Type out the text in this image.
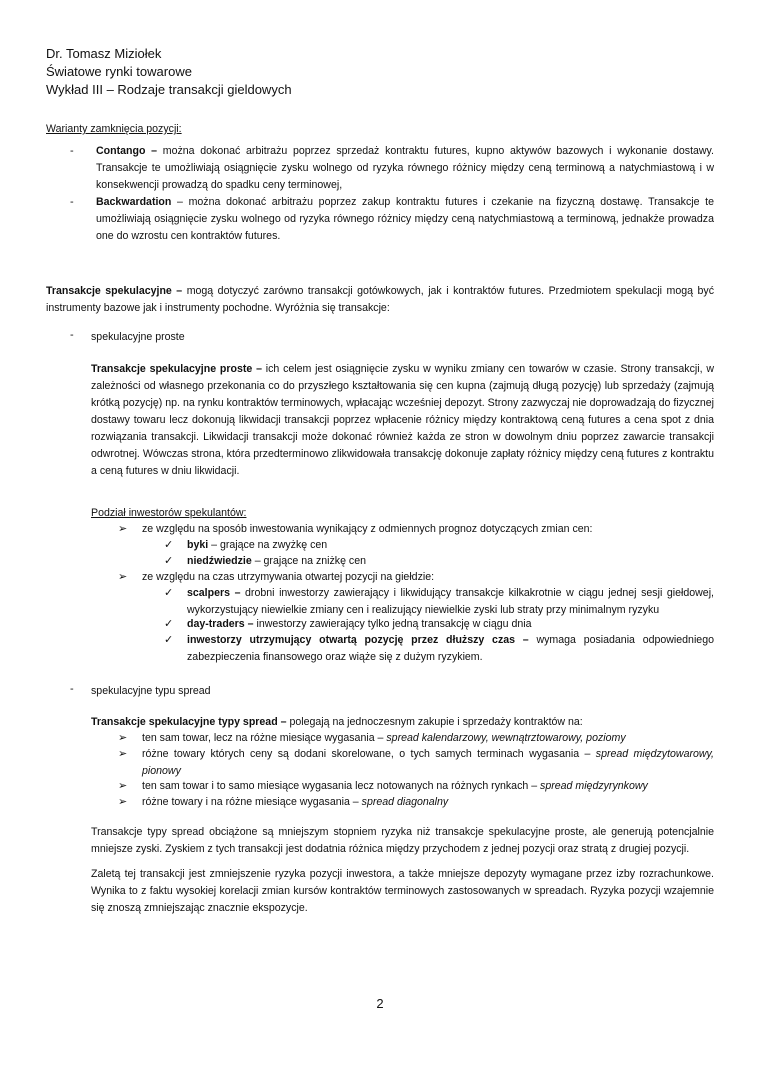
Dr. Tomasz Miziołek
Światowe rynki towarowe
Wykład III – Rodzaje transakcji gieldowych
Warianty zamknięcia pozycji:
- Contango – można dokonać arbitrażu poprzez sprzedaż kontraktu futures, kupno aktywów bazowych i wykonanie dostawy. Transakcje te umożliwiają osiągnięcie zysku wolnego od ryzyka równego różnicy między ceną terminową a natychmiastową i w konsekwencji prowadzą do spadku ceny terminowej,
- Backwardation – można dokonać arbitrażu poprzez zakup kontraktu futures i czekanie na fizyczną dostawę. Transakcje te umożliwiają osiągnięcie zysku wolnego od ryzyka równego różnicy między ceną natychmiastową a terminową, jednakże prowadza one do wzrostu cen kontraktów futures.
Transakcje spekulacyjne – mogą dotyczyć zarówno transakcji gotówkowych, jak i kontraktów futures. Przedmiotem spekulacji mogą być instrumenty bazowe jak i instrumenty pochodne. Wyróżnia się transakcje:
- spekulacyjne proste
Transakcje spekulacyjne proste – ich celem jest osiągnięcie zysku w wyniku zmiany cen towarów w czasie. Strony transakcji, w zależności od własnego przekonania co do przyszłego kształtowania się cen kupna (zajmują długą pozycję) lub sprzedaży (zajmują krótką pozycję) np. na rynku kontraktów terminowych, wpłacając wcześniej depozyt. Strony zazwyczaj nie doprowadzają do fizycznej dostawy towaru lecz dokonują likwidacji transakcji poprzez wpłacenie różnicy między kontraktową ceną futures a cena spot z dnia rozwiązania transakcji. Likwidacji transakcji może dokonać również każda ze stron w dowolnym dniu poprzez zawarcie transakcji odwrotnej. Wówczas strona, która przedterminowo zlikwidowała transakcję dokonuje zapłaty różnicy między ceną futures z kontraktu a ceną futures w dniu likwidacji.
Podział inwestorów spekulantów:
➢ ze względu na sposób inwestowania wynikający z odmiennych prognoz dotyczących zmian cen:
✓ byki – grające na zwyżkę cen
✓ niedźwiedzie – grające na zniżkę cen
➢ ze względu na czas utrzymywania otwartej pozycji na giełdzie:
✓ scalpers – drobni inwestorzy zawierający i likwidujący transakcje kilkakrotnie w ciągu jednej sesji giełdowej, wykorzystujący niewielkie zmiany cen i realizujący niewielkie zyski lub straty przy minimalnym ryzyku
✓ day-traders – inwestorzy zawierający tylko jedną transakcję w ciągu dnia
✓ inwestorzy utrzymujący otwartą pozycję przez dłuższy czas – wymaga posiadania odpowiedniego zabezpieczenia finansowego oraz wiąże się z dużym ryzykiem.
- spekulacyjne typu spread
Transakcje spekulacyjne typy spread – polegają na jednoczesnym zakupie i sprzedaży kontraktów na:
➢ ten sam towar, lecz na różne miesiące wygasania – spread kalendarzowy, wewnątrztowarowy, poziomy
➢ różne towary których ceny są dodani skorelowane, o tych samych terminach wygasania – spread międzytowarowy, pionowy
➢ ten sam towar i to samo miesiące wygasania lecz notowanych na różnych rynkach – spread międzyrynkowy
➢ różne towary i na różne miesiące wygasania – spread diagonalny
Transakcje typy spread obciążone są mniejszym stopniem ryzyka niż transakcje spekulacyjne proste, ale generują potencjalnie mniejsze zyski. Zyskiem z tych transakcji jest dodatnia różnica między przychodem z jednej pozycji oraz stratą z drugiej pozycji.
Zaletą tej transakcji jest zmniejszenie ryzyka pozycji inwestora, a także mniejsze depozyty wymagane przez izby rozrachunkowe. Wynika to z faktu wysokiej korelacji zmian kursów kontraktów terminowych zastosowanych w spreadach. Ryzyka pozycji wzajemnie się znoszą zmniejszając znacznie ekspozycje.
2
